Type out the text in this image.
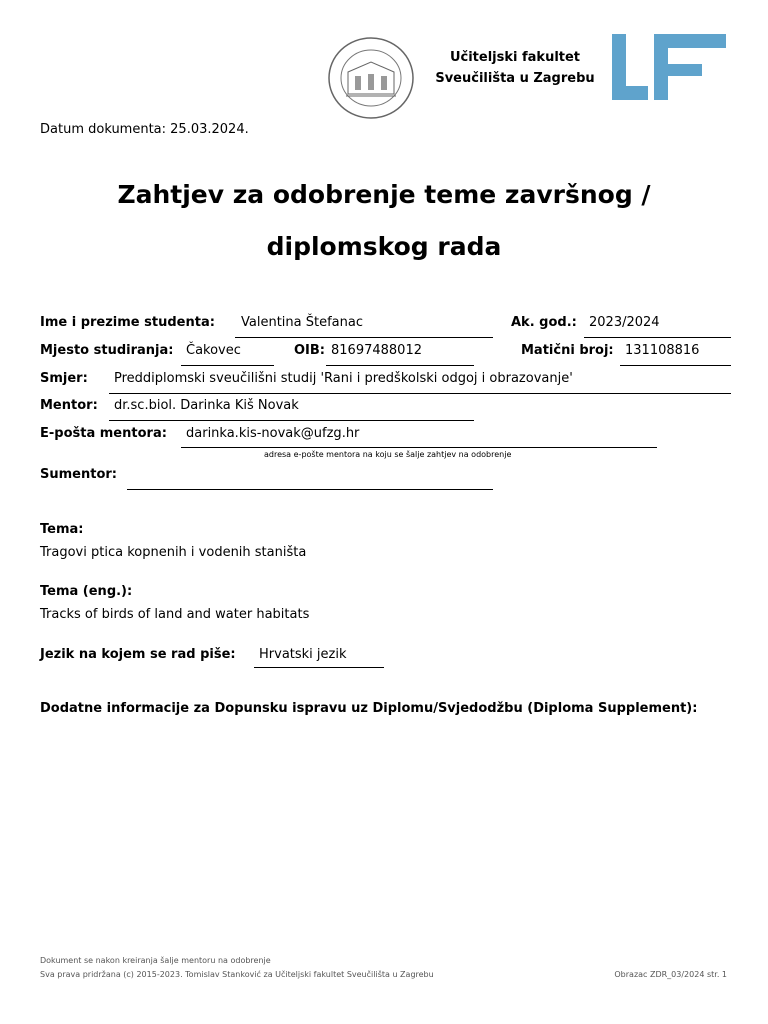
Učiteljski fakultet
Sveučilišta u Zagrebu
Datum dokumenta: 25.03.2024.
Zahtjev za odobrenje teme završnog /
diplomskog rada
Ime i prezime studenta: Valentina Štefanac	Ak. god.: 2023/2024
Mjesto studiranja: Čakovec	OIB: 81697488012	Matični broj: 131108816
Smjer: Preddiplomski sveučilišni studij 'Rani i predškolski odgoj i obrazovanje'
Mentor: dr.sc.biol. Darinka Kiš Novak
E-pošta mentora: darinka.kis-novak@ufzg.hr
adresa e-pošte mentora na koju se šalje zahtjev na odobrenje
Sumentor:
Tema:
Tragovi ptica kopnenih i vodenih staništa
Tema (eng.):
Tracks of birds of land and water habitats
Jezik na kojem se rad piše: Hrvatski jezik
Dodatne informacije za Dopunsku ispravu uz Diplomu/Svjedodžbu (Diploma Supplement):
Dokument se nakon kreiranja šalje mentoru na odobrenje
Sva prava pridržana (c) 2015-2023. Tomislav Stanković za Učiteljski fakultet Sveučilišta u Zagrebu	Obrazac ZDR_03/2024 str. 1
